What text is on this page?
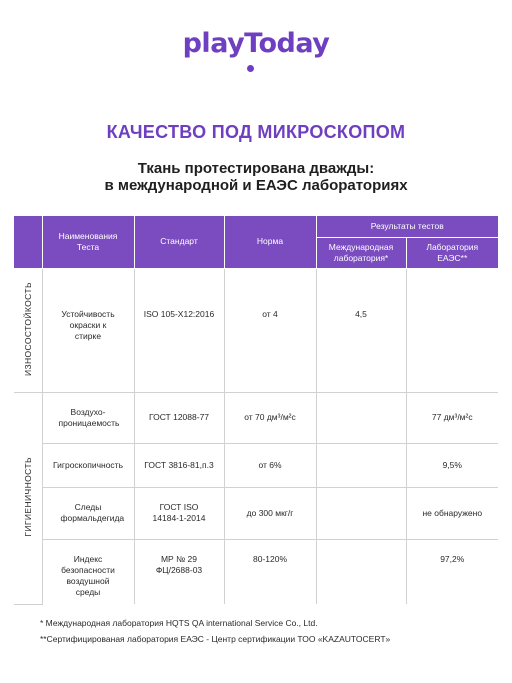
playToday
КАЧЕСТВО ПОД МИКРОСКОПОМ
Ткань протестирована дважды:
в международной и ЕАЭС лабораториях

	Наименования Теста	Стандарт	Норма	Результаты тестов	

				Международная лаборатория*	Лаборатория ЕАЭС**

ИЗНОСОСТОЙКОСТЬ	Устойчивость окраски к стирке	ISO 105-X12:2016	от 4	4,5	

ГИГИЕНИЧНОСТЬ	Воздухо-проницаемость	ГОСТ 12088-77	от 70 дм³/м²с		77 дм³/м²с

	Гигроскопичность	ГОСТ 3816-81,п.3	от 6%		9,5%

	Следы формальдегида	ГОСТ ISO 14184-1-2014	до 300 мкг/г		не обнаружено

	Индекс безопасности воздушной среды	МР № 29 ФЦ/2688-03	80-120%		97,2%
* Международная лаборатория HQTS QA international Service Co., Ltd.
**Сертифицированая лаборатория ЕАЭС - Центр сертификации ТОО «KAZAUTOCERT»
